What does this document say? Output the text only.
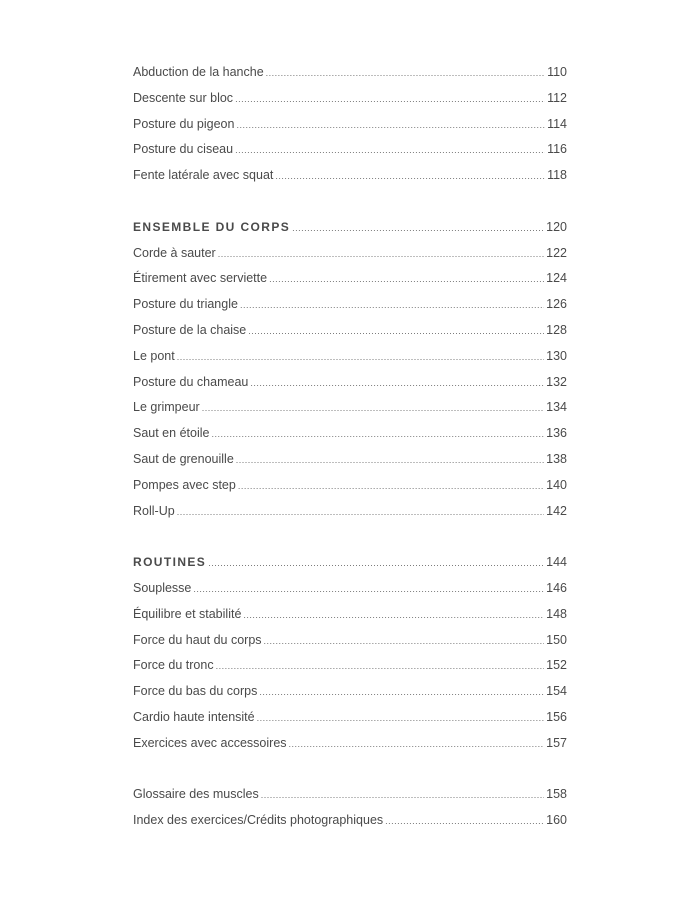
Abduction de la hanche .....	110
Descente sur bloc .....	112
Posture du pigeon .....	114
Posture du ciseau .....	116
Fente latérale avec squat .....	118
ENSEMBLE DU CORPS .....	120
Corde à sauter .....	122
Étirement avec serviette .....	124
Posture du triangle .....	126
Posture de la chaise .....	128
Le pont .....	130
Posture du chameau .....	132
Le grimpeur .....	134
Saut en étoile .....	136
Saut de grenouille .....	138
Pompes avec step .....	140
Roll-Up .....	142
ROUTINES .....	144
Souplesse .....	146
Équilibre et stabilité .....	148
Force du haut du corps .....	150
Force du tronc .....	152
Force du bas du corps .....	154
Cardio haute intensité .....	156
Exercices avec accessoires .....	157
Glossaire des muscles .....	158
Index des exercices/Crédits photographiques .....	160
